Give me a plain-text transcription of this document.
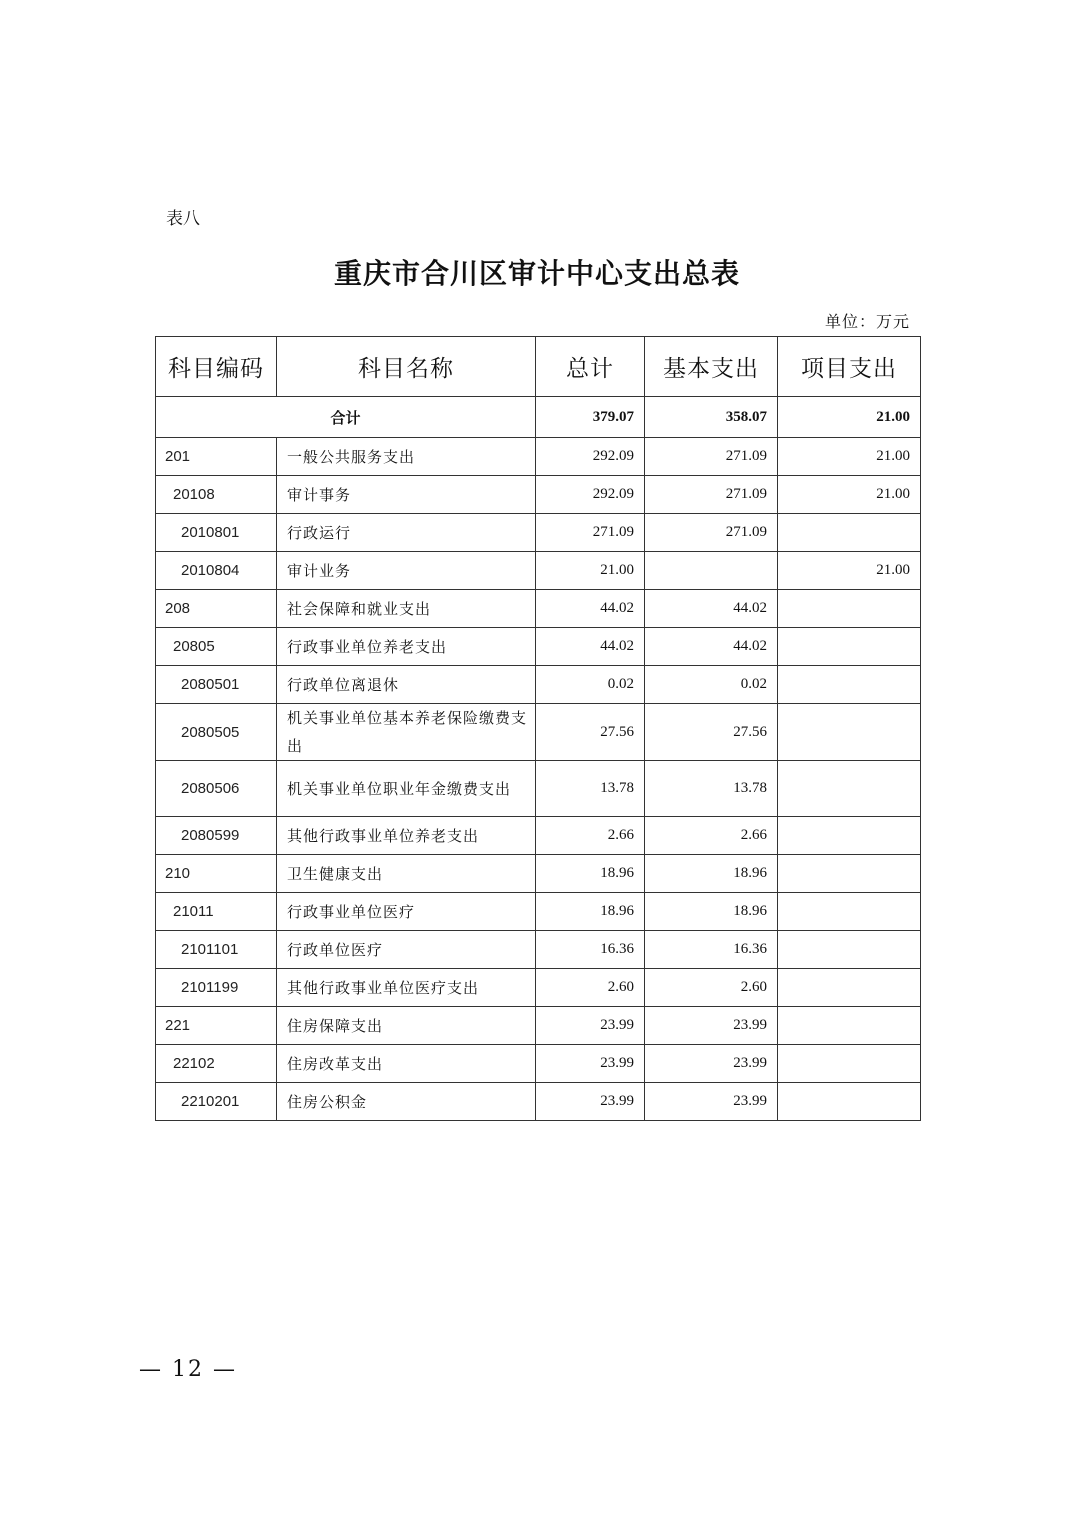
表八
重庆市合川区审计中心支出总表
单位：万元
科目编码	科目名称	总计	基本支出	项目支出
合计		379.07	358.07	21.00
201	一般公共服务支出	292.09	271.09	21.00
20108	审计事务	292.09	271.09	21.00
2010801	行政运行	271.09	271.09	
2010804	审计业务	21.00		21.00
208	社会保障和就业支出	44.02	44.02	
20805	行政事业单位养老支出	44.02	44.02	
2080501	行政单位离退休	0.02	0.02	
2080505	机关事业单位基本养老保险缴费支出	27.56	27.56	
2080506	机关事业单位职业年金缴费支出	13.78	13.78	
2080599	其他行政事业单位养老支出	2.66	2.66	
210	卫生健康支出	18.96	18.96	
21011	行政事业单位医疗	18.96	18.96	
2101101	行政单位医疗	16.36	16.36	
2101199	其他行政事业单位医疗支出	2.60	2.60	
221	住房保障支出	23.99	23.99	
22102	住房改革支出	23.99	23.99	
2210201	住房公积金	23.99	23.99	
— 12 —
